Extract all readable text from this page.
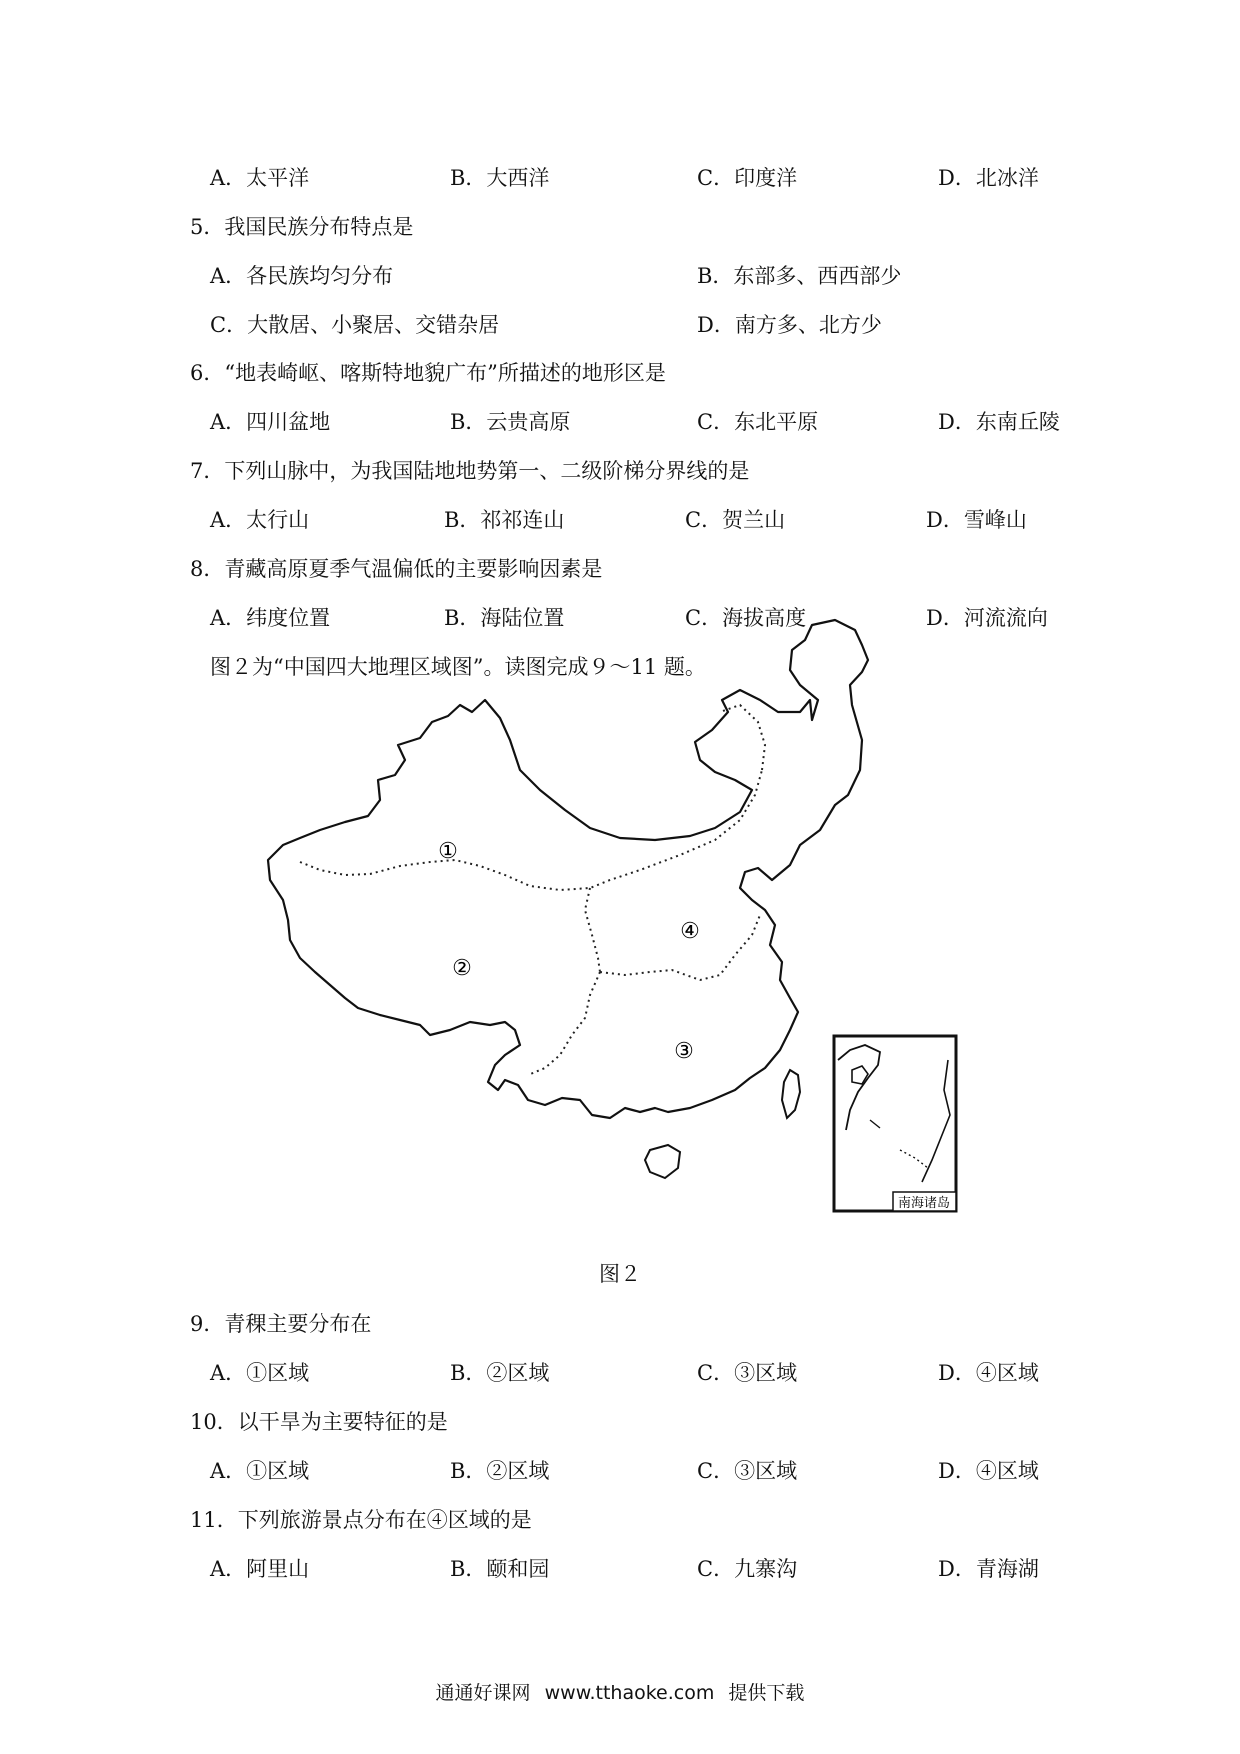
A．太平洋	B．大西洋	C．印度洋	D．北冰洋
5．我国民族分布特点是
A．各民族均匀分布	B．东部多、西西部少
C．大散居、小聚居、交错杂居	D．南方多、北方少
6．“地表崎岖、喀斯特地貌广布”所描述的地形区是
A．四川盆地	B．云贵高原	C．东北平原	D．东南丘陵
7．下列山脉中，为我国陆地地势第一、二级阶梯分界线的是
A．太行山	B．祁祁连山	C．贺兰山	D．雪峰山
8．青藏高原夏季气温偏低的主要影响因素是
A．纬度位置	B．海陆位置	C．海拔高度	D．河流流向
图２为“中国四大地理区域图”。读图完成９～11 题。
①
②
③
④
南海诸岛
图２
9．青稞主要分布在
A．①区域	B．②区域	C．③区域	D．④区域
10．以干旱为主要特征的是
A．①区域	B．②区域	C．③区域	D．④区域
11．下列旅游景点分布在④区域的是
A．阿里山	B．颐和园	C．九寨沟	D．青海湖
通通好课网 www.tthaoke.com 提供下载
